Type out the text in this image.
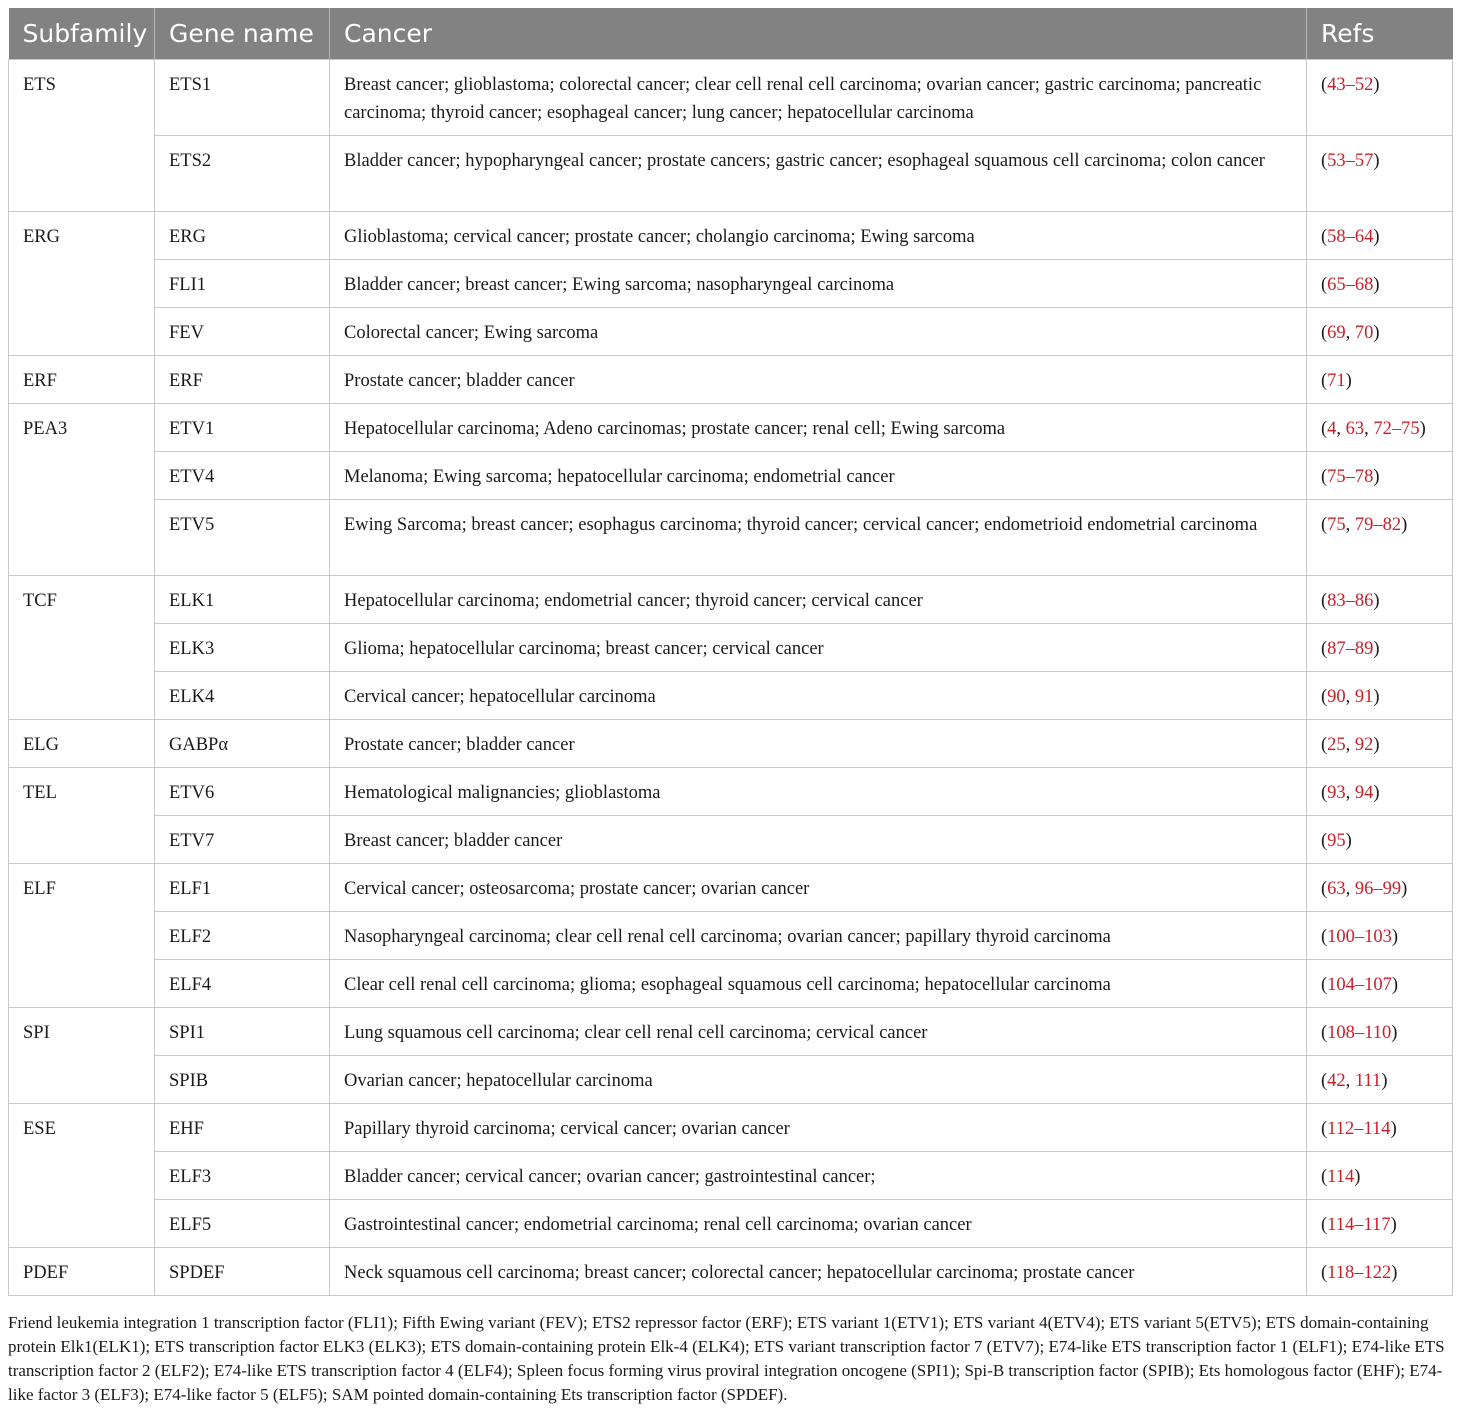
Subfamily	Gene name	Cancer	Refs
ETS	ETS1	Breast cancer; glioblastoma; colorectal cancer; clear cell renal cell carcinoma; ovarian cancer; gastric carcinoma; pancreatic carcinoma; thyroid cancer; esophageal cancer; lung cancer; hepatocellular carcinoma	(43–52)
	ETS2	Bladder cancer; hypopharyngeal cancer; prostate cancers; gastric cancer; esophageal squamous cell carcinoma; colon cancer	(53–57)
ERG	ERG	Glioblastoma; cervical cancer; prostate cancer; cholangio carcinoma; Ewing sarcoma	(58–64)
	FLI1	Bladder cancer; breast cancer; Ewing sarcoma; nasopharyngeal carcinoma	(65–68)
	FEV	Colorectal cancer; Ewing sarcoma	(69, 70)
ERF	ERF	Prostate cancer; bladder cancer	(71)
PEA3	ETV1	Hepatocellular carcinoma; Adeno carcinomas; prostate cancer; renal cell; Ewing sarcoma	(4, 63, 72–75)
	ETV4	Melanoma; Ewing sarcoma; hepatocellular carcinoma; endometrial cancer	(75–78)
	ETV5	Ewing Sarcoma; breast cancer; esophagus carcinoma; thyroid cancer; cervical cancer; endometrioid endometrial carcinoma	(75, 79–82)
TCF	ELK1	Hepatocellular carcinoma; endometrial cancer; thyroid cancer; cervical cancer	(83–86)
	ELK3	Glioma; hepatocellular carcinoma; breast cancer; cervical cancer	(87–89)
	ELK4	Cervical cancer; hepatocellular carcinoma	(90, 91)
ELG	GABPα	Prostate cancer; bladder cancer	(25, 92)
TEL	ETV6	Hematological malignancies; glioblastoma	(93, 94)
	ETV7	Breast cancer; bladder cancer	(95)
ELF	ELF1	Cervical cancer; osteosarcoma; prostate cancer; ovarian cancer	(63, 96–99)
	ELF2	Nasopharyngeal carcinoma; clear cell renal cell carcinoma; ovarian cancer; papillary thyroid carcinoma	(100–103)
	ELF4	Clear cell renal cell carcinoma; glioma; esophageal squamous cell carcinoma; hepatocellular carcinoma	(104–107)
SPI	SPI1	Lung squamous cell carcinoma; clear cell renal cell carcinoma; cervical cancer	(108–110)
	SPIB	Ovarian cancer; hepatocellular carcinoma	(42, 111)
ESE	EHF	Papillary thyroid carcinoma; cervical cancer; ovarian cancer	(112–114)
	ELF3	Bladder cancer; cervical cancer; ovarian cancer; gastrointestinal cancer;	(114)
	ELF5	Gastrointestinal cancer; endometrial carcinoma; renal cell carcinoma; ovarian cancer	(114–117)
PDEF	SPDEF	Neck squamous cell carcinoma; breast cancer; colorectal cancer; hepatocellular carcinoma; prostate cancer	(118–122)
Friend leukemia integration 1 transcription factor (FLI1); Fifth Ewing variant (FEV); ETS2 repressor factor (ERF); ETS variant 1(ETV1); ETS variant 4(ETV4); ETS variant 5(ETV5); ETS domain-containing protein Elk1(ELK1); ETS transcription factor ELK3 (ELK3); ETS domain-containing protein Elk-4 (ELK4); ETS variant transcription factor 7 (ETV7); E74-like ETS transcription factor 1 (ELF1); E74-like ETS transcription factor 2 (ELF2); E74-like ETS transcription factor 4 (ELF4); Spleen focus forming virus proviral integration oncogene (SPI1); Spi-B transcription factor (SPIB); Ets homologous factor (EHF); E74-like factor 3 (ELF3); E74-like factor 5 (ELF5); SAM pointed domain-containing Ets transcription factor (SPDEF).
